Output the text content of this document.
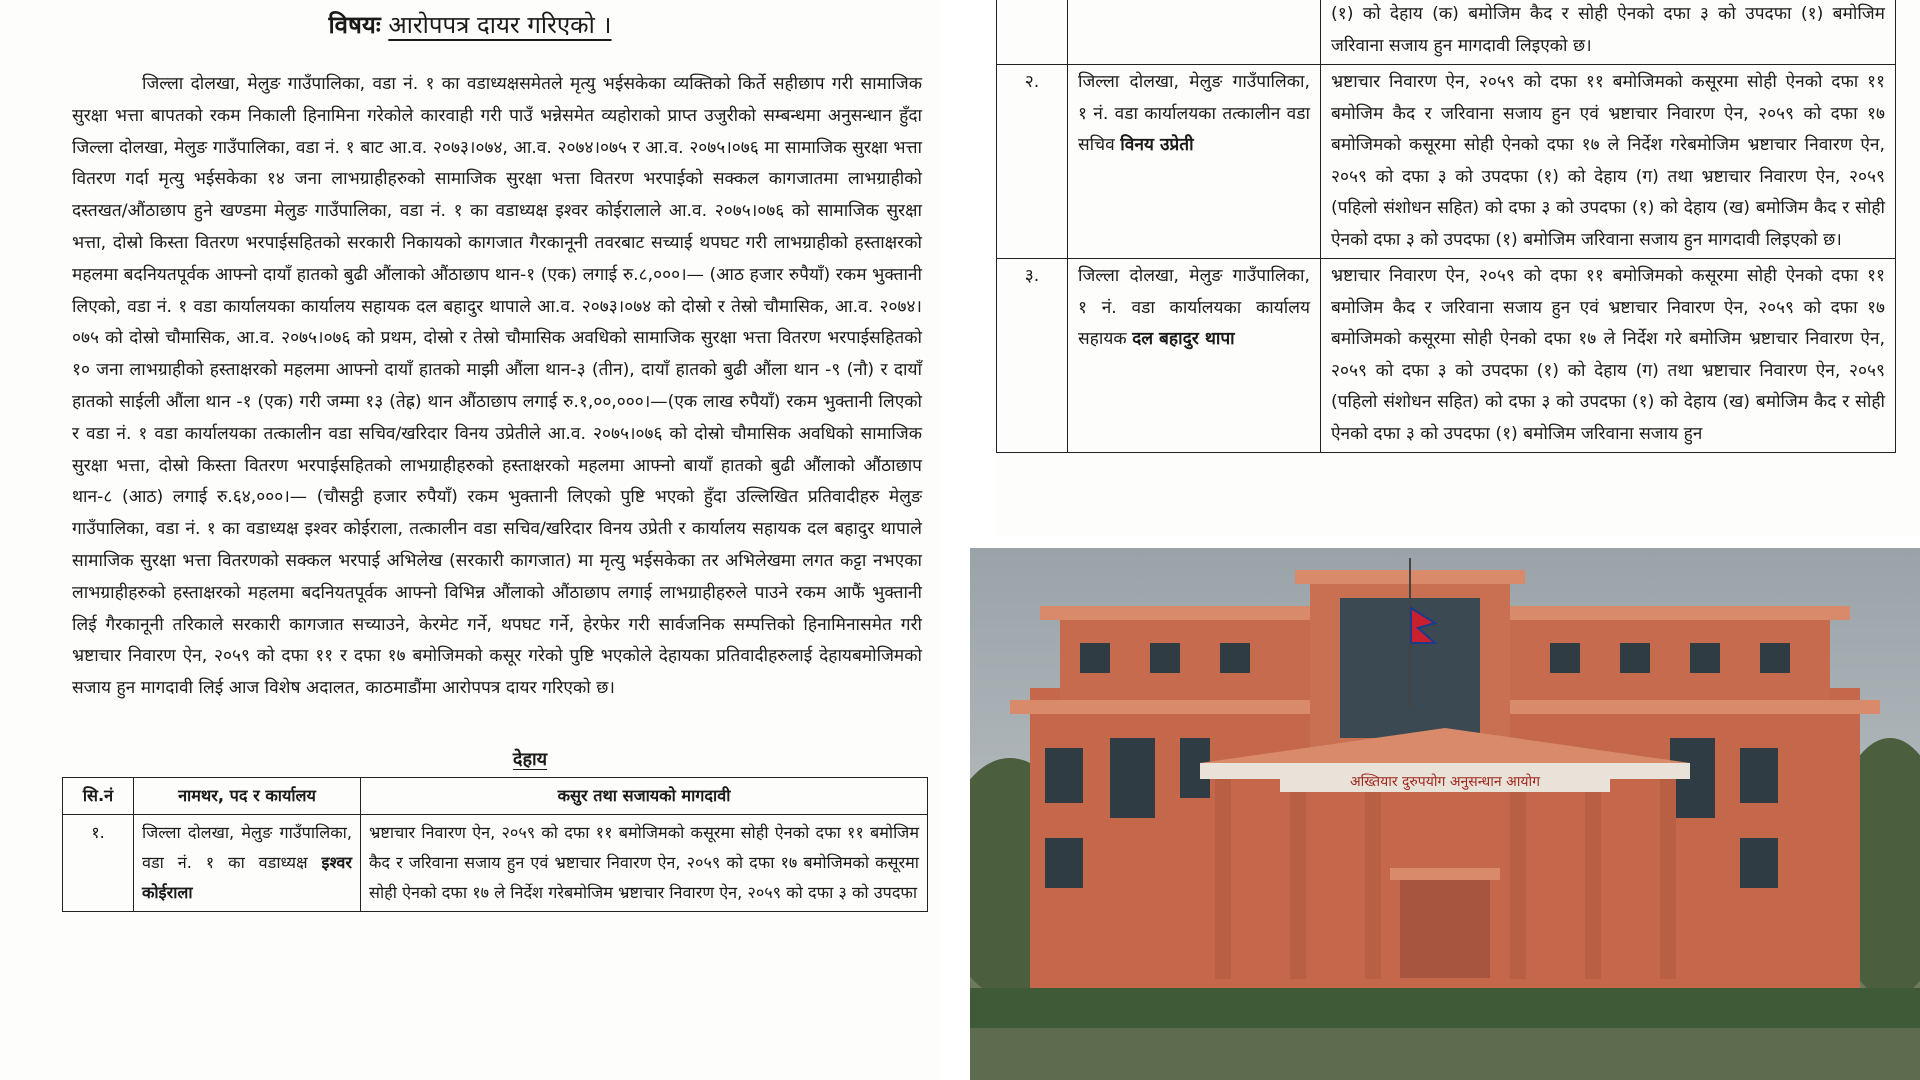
विषयः आरोपपत्र दायर गरिएको ।

जिल्ला दोलखा, मेलुङ गाउँपालिका, वडा नं. १ का वडाध्यक्षसमेतले मृत्यु भईसकेका व्यक्तिको किर्ते सहीछाप गरी सामाजिक सुरक्षा भत्ता बापतको रकम निकाली हिनामिना गरेकोले कारवाही गरी पाउँ भन्नेसमेत व्यहोराको प्राप्त उजुरीको सम्बन्धमा अनुसन्धान हुँदा जिल्ला दोलखा, मेलुङ गाउँपालिका, वडा नं. १ बाट आ.व. २०७३।०७४, आ.व. २०७४।०७५ र आ.व. २०७५।०७६ मा सामाजिक सुरक्षा भत्ता वितरण गर्दा मृत्यु भईसकेका १४ जना लाभग्राहीहरुको सामाजिक सुरक्षा भत्ता वितरण भरपाईको सक्कल कागजातमा लाभग्राहीको दस्तखत/औंठाछाप हुने खण्डमा मेलुङ गाउँपालिका, वडा नं. १ का वडाध्यक्ष इश्वर कोईरालाले आ.व. २०७५।०७६ को सामाजिक सुरक्षा भत्ता, दोस्रो किस्ता वितरण भरपाईसहितको सरकारी निकायको कागजात गैरकानूनी तवरबाट सच्याई थपघट गरी लाभग्राहीको हस्ताक्षरको महलमा बदनियतपूर्वक आफ्नो दायाँ हातको बुढी औंलाको औंठाछाप थान-१ (एक) लगाई रु.८,०००।— (आठ हजार रुपैयाँ) रकम भुक्तानी लिएको, वडा नं. १ वडा कार्यालयका कार्यालय सहायक दल बहादुर थापाले आ.व. २०७३।०७४ को दोस्रो र तेस्रो चौमासिक, आ.व. २०७४।०७५ को दोस्रो चौमासिक, आ.व. २०७५।०७६ को प्रथम, दोस्रो र तेस्रो चौमासिक अवधिको सामाजिक सुरक्षा भत्ता वितरण भरपाईसहितको १० जना लाभग्राहीको हस्ताक्षरको महलमा आफ्नो दायाँ हातको माझी औंला थान-३ (तीन), दायाँ हातको बुढी औंला थान -९ (नौ) र दायाँ हातको साईली औंला थान -१ (एक) गरी जम्मा १३ (तेह्र) थान औंठाछाप लगाई रु.१,००,०००।—(एक लाख रुपैयाँ) रकम भुक्तानी लिएको र वडा नं. १ वडा कार्यालयका तत्कालीन वडा सचिव/खरिदार विनय उप्रेतीले आ.व. २०७५।०७६ को दोस्रो चौमासिक अवधिको सामाजिक सुरक्षा भत्ता, दोस्रो किस्ता वितरण भरपाईसहितको लाभग्राहीहरुको हस्ताक्षरको महलमा आफ्नो बायाँ हातको बुढी औंलाको औंठाछाप थान-८ (आठ) लगाई रु.६४,०००।— (चौसट्ठी हजार रुपैयाँ) रकम भुक्तानी लिएको पुष्टि भएको हुँदा उल्लिखित प्रतिवादीहरु मेलुङ गाउँपालिका, वडा नं. १ का वडाध्यक्ष इश्वर कोईराला, तत्कालीन वडा सचिव/खरिदार विनय उप्रेती र कार्यालय सहायक दल बहादुर थापाले सामाजिक सुरक्षा भत्ता वितरणको सक्कल भरपाई अभिलेख (सरकारी कागजात) मा मृत्यु भईसकेका तर अभिलेखमा लगत कट्टा नभएका लाभग्राहीहरुको हस्ताक्षरको महलमा बदनियतपूर्वक आफ्नो विभिन्न औंलाको औंठाछाप लगाई लाभग्राहीहरुले पाउने रकम आफैं भुक्तानी लिई गैरकानूनी तरिकाले सरकारी कागजात सच्याउने, केरमेट गर्ने, थपघट गर्ने, हेरफेर गरी सार्वजनिक सम्पत्तिको हिनामिनासमेत गरी भ्रष्टाचार निवारण ऐन, २०५९ को दफा ११ र दफा १७ बमोजिमको कसूर गरेको पुष्टि भएकोले देहायका प्रतिवादीहरुलाई देहायबमोजिमको सजाय हुन मागदावी लिई आज विशेष अदालत, काठमाडौंमा आरोपपत्र दायर गरिएको छ।

देहाय
सि.नं	नामथर, पद र कार्यालय	कसुर तथा सजायको मागदावी
१.	जिल्ला दोलखा, मेलुङ गाउँपालिका, वडा नं. १ का वडाध्यक्ष इश्वर कोईराला	भ्रष्टाचार निवारण ऐन, २०५९ को दफा ११ बमोजिमको कसूरमा सोही ऐनको दफा ११ बमोजिम कैद र जरिवाना सजाय हुन एवं भ्रष्टाचार निवारण ऐन, २०५९ को दफा १७ बमोजिमको कसूरमा सोही ऐनको दफा १७ ले निर्देश गरेबमोजिम भ्रष्टाचार निवारण ऐन, २०५९ को दफा ३ को उपदफा
		(१) को देहाय (क) बमोजिम कैद र सोही ऐनको दफा ३ को उपदफा (१) बमोजिम जरिवाना सजाय हुन मागदावी लिइएको छ।
२.	जिल्ला दोलखा, मेलुङ गाउँपालिका, १ नं. वडा कार्यालयका तत्कालीन वडा सचिव विनय उप्रेती	भ्रष्टाचार निवारण ऐन, २०५९ को दफा ११ बमोजिमको कसूरमा सोही ऐनको दफा ११ बमोजिम कैद र जरिवाना सजाय हुन एवं भ्रष्टाचार निवारण ऐन, २०५९ को दफा १७ बमोजिमको कसूरमा सोही ऐनको दफा १७ ले निर्देश गरेबमोजिम भ्रष्टाचार निवारण ऐन, २०५९ को दफा ३ को उपदफा (१) को देहाय (ग) तथा भ्रष्टाचार निवारण ऐन, २०५९ (पहिलो संशोधन सहित) को दफा ३ को उपदफा (१) को देहाय (ख) बमोजिम कैद र सोही ऐनको दफा ३ को उपदफा (१) बमोजिम जरिवाना सजाय हुन मागदावी लिइएको छ।
३.	जिल्ला दोलखा, मेलुङ गाउँपालिका, १ नं. वडा कार्यालयका कार्यालय सहायक दल बहादुर थापा	भ्रष्टाचार निवारण ऐन, २०५९ को दफा ११ बमोजिमको कसूरमा सोही ऐनको दफा ११ बमोजिम कैद र जरिवाना सजाय हुन एवं भ्रष्टाचार निवारण ऐन, २०५९ को दफा १७ बमोजिमको कसूरमा सोही ऐनको दफा १७ ले निर्देश गरे बमोजिम भ्रष्टाचार निवारण ऐन, २०५९ को दफा ३ को उपदफा (१) को देहाय (ग) तथा भ्रष्टाचार निवारण ऐन, २०५९ (पहिलो संशोधन सहित) को दफा ३ को उपदफा (१) को देहाय (ख) बमोजिम कैद र सोही ऐनको दफा ३ को उपदफा (१) बमोजिम जरिवाना सजाय हुन
अख्तियार दुरुपयोग अनुसन्धान आयोग
